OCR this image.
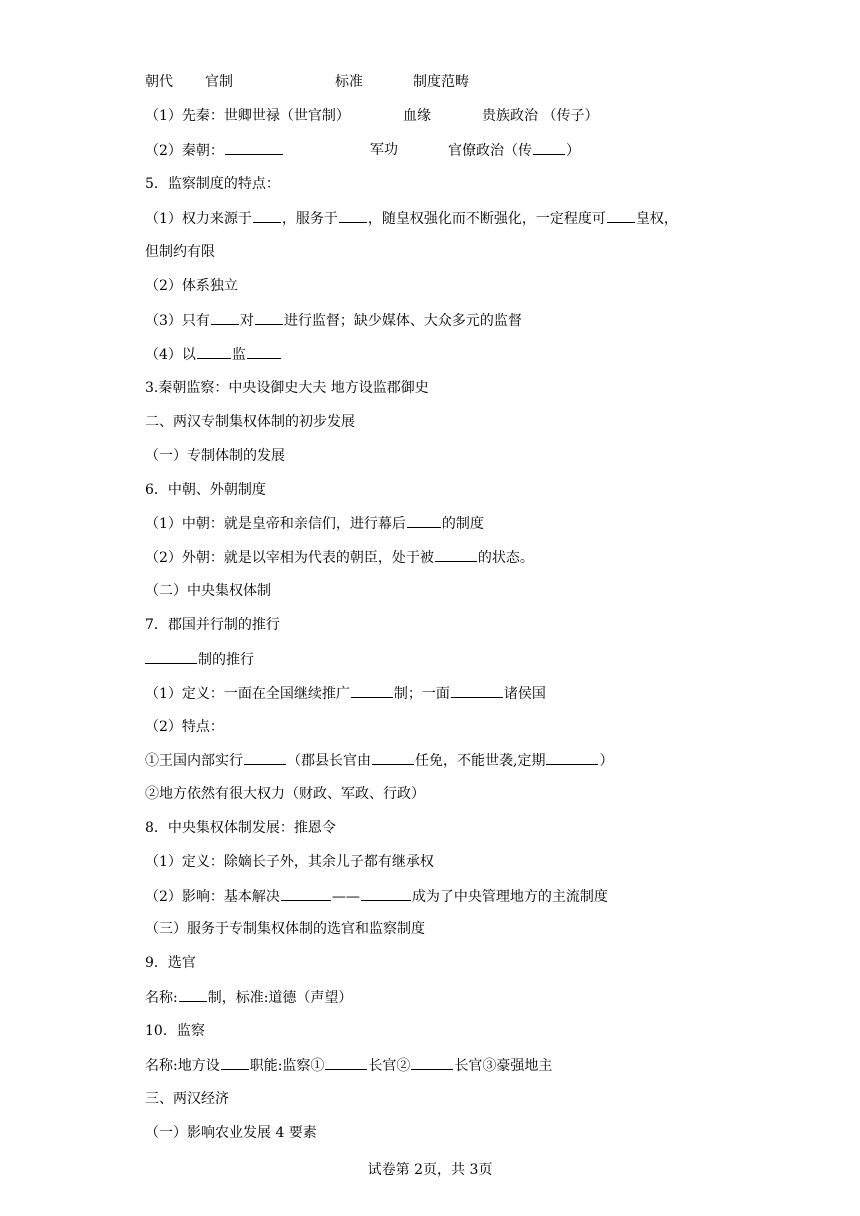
朝代 官制	标准	制度范畴
（1）先秦：世卿世禄（世官制）	血缘	贵族政治 （传子）
（2）秦朝：	军功	官僚政治（传 ）
5．监察制度的特点：
（1）权力来源于 ，服务于 ，随皇权强化而不断强化，一定程度可 皇权，
但制约有限
（2）体系独立
（3）只有 对 进行监督；缺少媒体、大众多元的监督
（4）以	监
3.秦朝监察：中央设御史大夫 地方设监郡御史
二、两汉专制集权体制的初步发展
（一）专制体制的发展
6．中朝、外朝制度
（1）中朝：就是皇帝和亲信们，进行幕后	的制度
（2）外朝：就是以宰相为代表的朝臣，处于被	的状态。
（二）中央集权体制
7．郡国并行制的推行
制的推行
（1）定义：一面在全国继续推广	制；一面	诸侯国
（2）特点：
①王国内部实行	（郡县长官由	任免，不能世袭,定期	）
②地方依然有很大权力（财政、军政、行政）
8．中央集权体制发展：推恩令
（1）定义：除嫡长子外，其余儿子都有继承权
（2）影响：基本解决	——	成为了中央管理地方的主流制度
（三）服务于专制集权体制的选官和监察制度
9．选官
名称: 制，标准:道德（声望）
10．监察
名称:地方设 职能:监察①	长官②	长官③豪强地主
三、两汉经济
（一）影响农业发展 4 要素
试卷第 2页，共 3页
